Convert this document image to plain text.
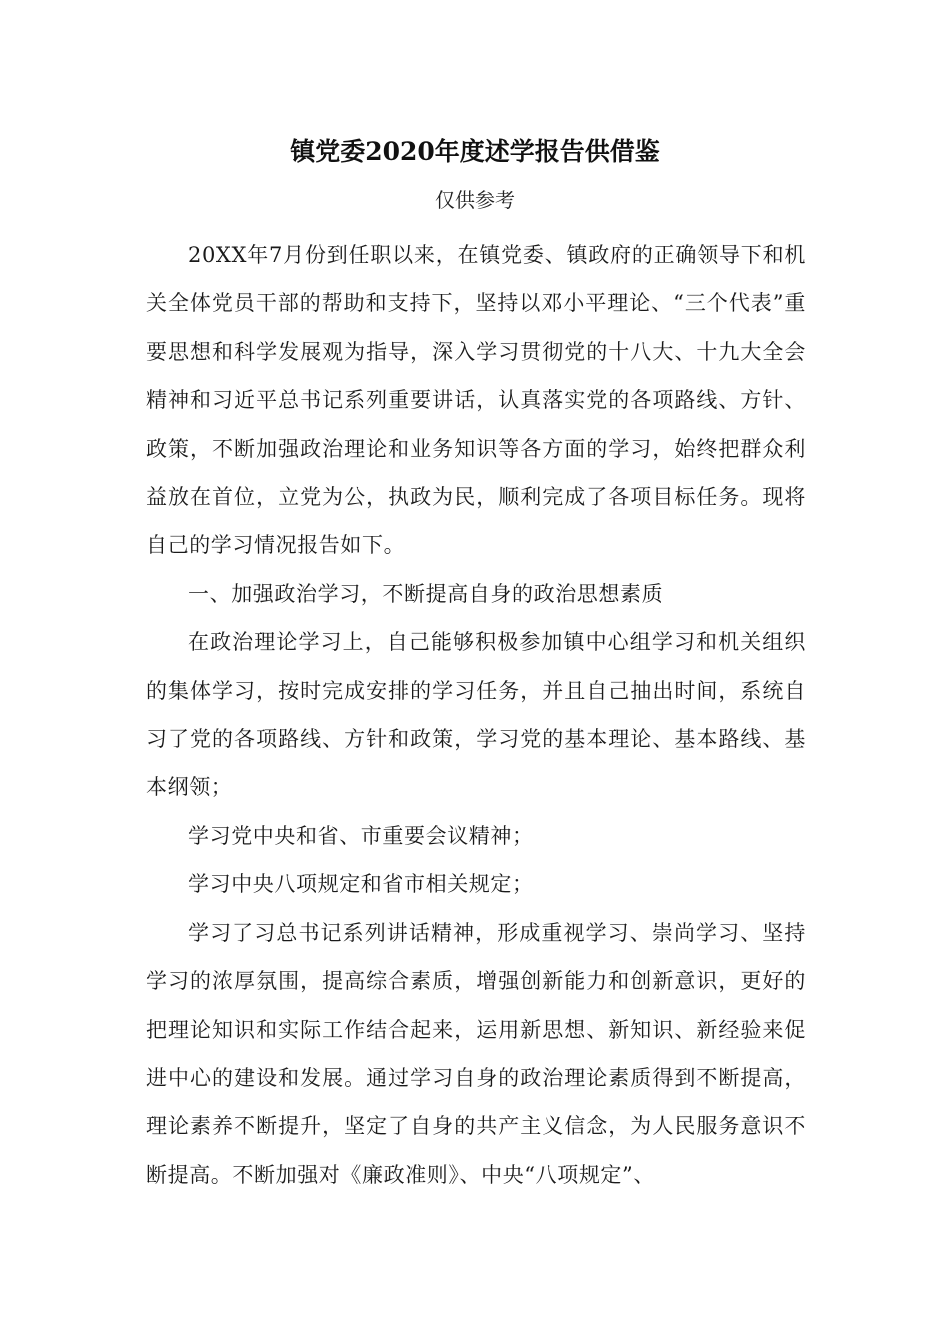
镇党委2020年度述学报告供借鉴
仅供参考

20XX年7月份到任职以来，在镇党委、镇政府的正确领导下和机关全体党员干部的帮助和支持下，坚持以邓小平理论、“三个代表”重要思想和科学发展观为指导，深入学习贯彻党的十八大、十九大全会精神和习近平总书记系列重要讲话，认真落实党的各项路线、方针、政策，不断加强政治理论和业务知识等各方面的学习，始终把群众利益放在首位，立党为公，执政为民，顺利完成了各项目标任务。现将自己的学习情况报告如下。

一、加强政治学习，不断提高自身的政治思想素质

在政治理论学习上，自己能够积极参加镇中心组学习和机关组织的集体学习，按时完成安排的学习任务，并且自己抽出时间，系统自习了党的各项路线、方针和政策，学习党的基本理论、基本路线、基本纲领；

学习党中央和省、市重要会议精神；

学习中央八项规定和省市相关规定；

学习了习总书记系列讲话精神，形成重视学习、崇尚学习、坚持学习的浓厚氛围，提高综合素质，增强创新能力和创新意识，更好的把理论知识和实际工作结合起来，运用新思想、新知识、新经验来促进中心的建设和发展。通过学习自身的政治理论素质得到不断提高，理论素养不断提升，坚定了自身的共产主义信念，为人民服务意识不断提高。不断加强对《廉政准则》、中央“八项规定”、
